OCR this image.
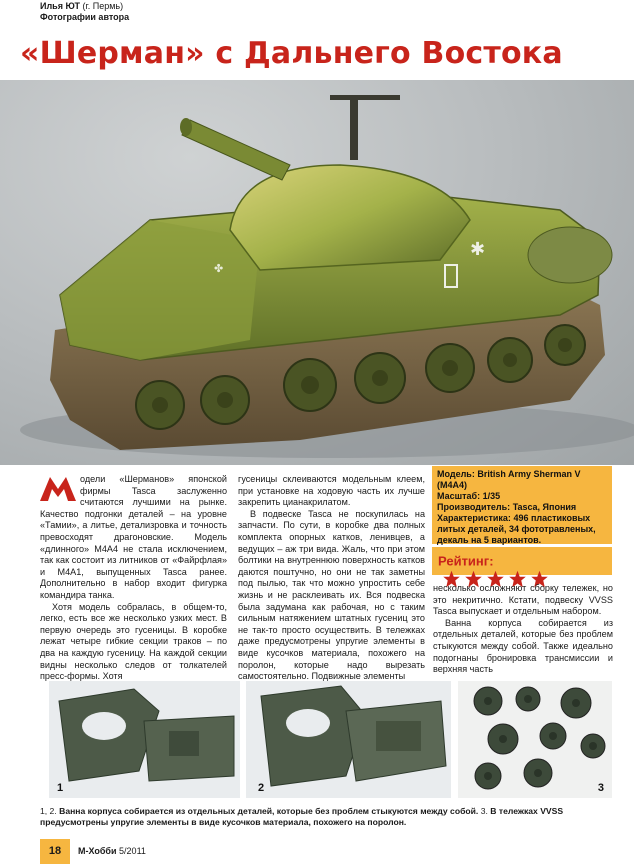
Илья ЮТ (г. Пермь)
Фотографии автора
«Шерман» с Дальнего Востока
✤
✱

одели «Шерманов» японской фирмы Tasca заслуженно считаются лучшими на рынке. Качество подгонки деталей – на уровне «Тамии», а литье, детализровка и точность превосходят драгоновские. Модель «длинного» M4A4 не стала исключением, так как состоит из литников от «Файрфлая» и M4A1, выпущенных Tasca ранее. Дополнительно в набор входит фигурка командира танка.

Хотя модель собралась, в общем-то, легко, есть все же несколько узких мест. В первую очередь это гусеницы. В коробке лежат четыре гибкие секции траков – по два на каждую гусеницу. На каждой секции видны несколько следов от толкателей пресс-формы. Хотя

гусеницы склеиваются модельным клеем, при установке на ходовую часть их лучше закрепить цианакрилатом.

В подвеске Tasca не поскупилась на запчасти. По сути, в коробке два полных комплекта опорных катков, ленивцев, а ведущих – аж три вида. Жаль, что при этом болтики на внутреннюю поверхность катков даются поштучно, но они не так заметны под пылью, так что можно упростить себе жизнь и не расклеивать их. Вся подвеска была задумана как рабочая, но с таким сильным натяжением штатных гусениц это не так-то просто осуществить. В тележках даже предусмотрены упругие элементы в виде кусочков материала, похожего на поролон, которые надо вырезать самостоятельно. Подвижные элементы

Модель: British Army Sherman V (M4A4)
Масштаб: 1/35
Производитель: Tasca, Япония
Характеристика: 496 пластиковых литых деталей, 34 фототравленых, декаль на 5 вариантов.
Рейтинг:

несколько осложняют сборку тележек, но это некритично. Кстати, подвеску VVSS Tasca выпускает и отдельным набором.

Ванна корпуса собирается из отдельных деталей, которые без проблем стыкуются между собой. Также идеально подогнаны бронировка трансмиссии и верхняя часть

1	2	3
1, 2. Ванна корпуса собирается из отдельных деталей, которые без проблем стыкуются между собой. 3. В тележках VVSS предусмотрены упругие элементы в виде кусочков материала, похожего на поролон.
18	М-Хобби 5/2011
